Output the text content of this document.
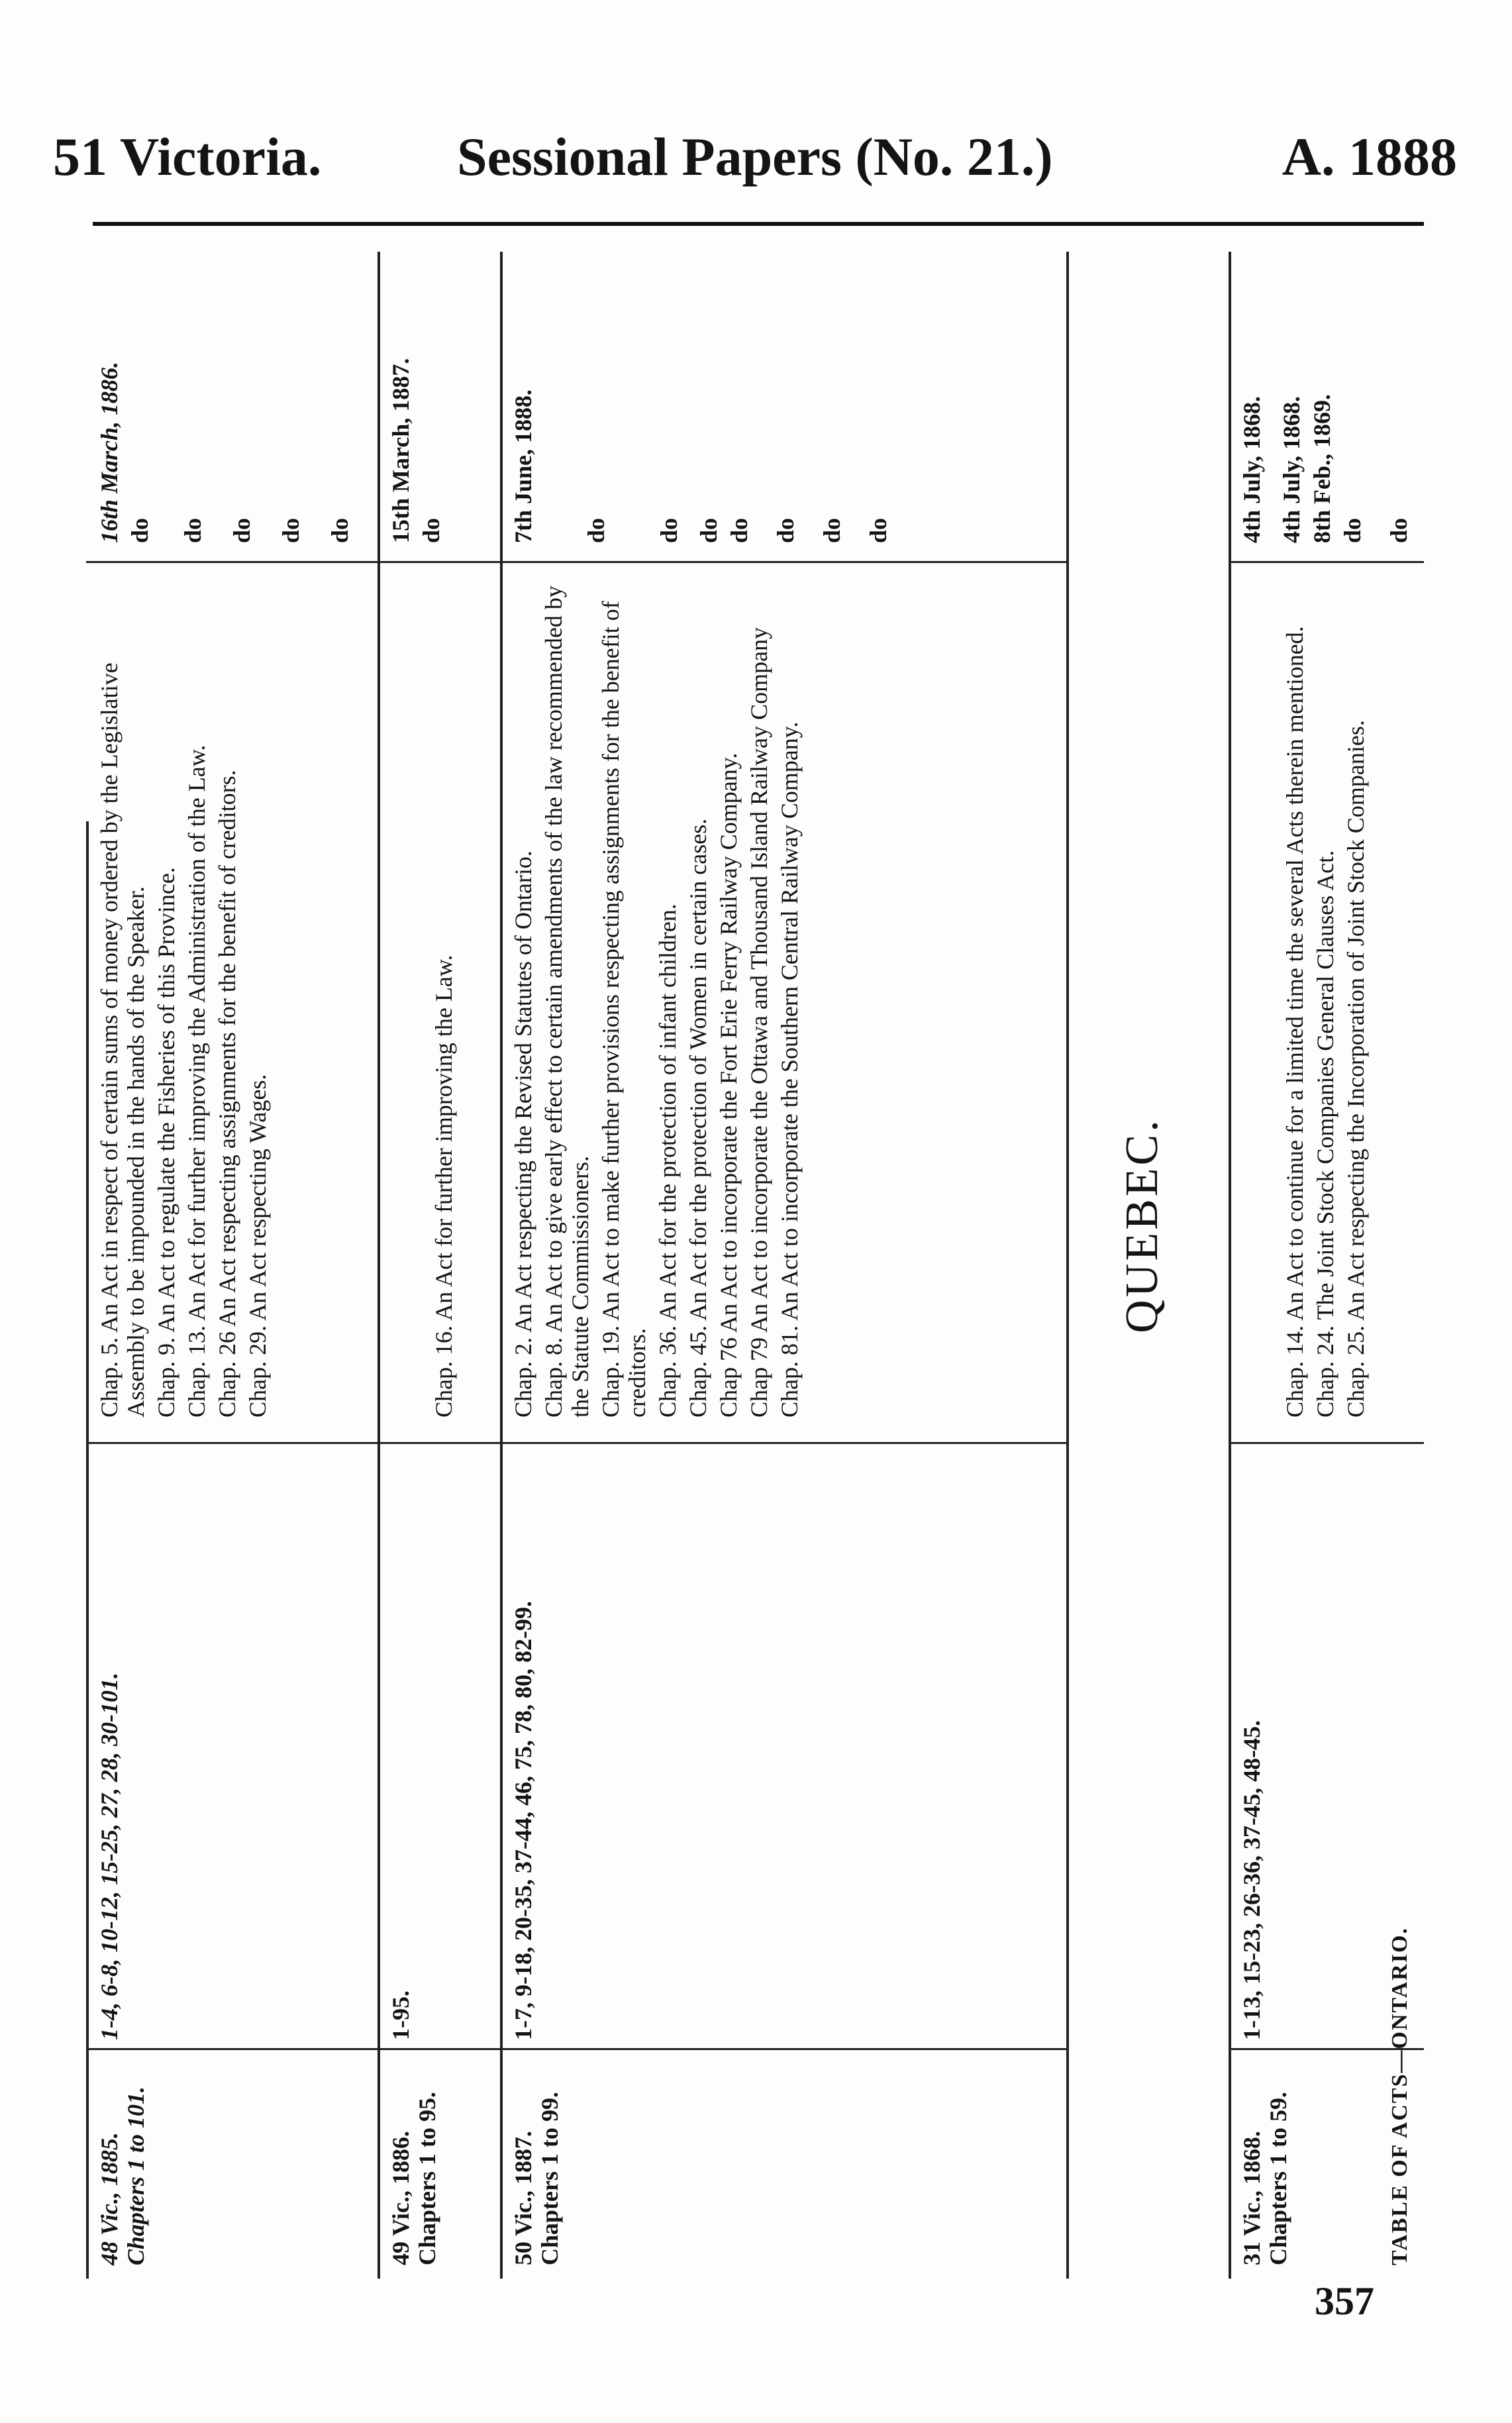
51 Victoria. Sessional Papers (No. 21.)	A. 1888
48 Vic., 1885. Chapters 1 to 101.
1-4, 6-8, 10-12, 15-25, 27, 28, 30-101.
Chap. 5. An Act in respect of certain sums of money ordered by the Legislative Assembly to be impounded in the hands of the Speaker. Chap. 9. An Act to regulate the Fisheries of this Province. Chap. 13. An Act for further improving the Administration of the Law. Chap. 26 An Act respecting assignments for the benefit of creditors. Chap. 29. An Act respecting Wages.
16th March, 1886. do do do do do
49 Vic., 1886. Chapters 1 to 95.
1-95.
Chap. 16. An Act for further improving the Law.
15th March, 1887. do
50 Vic., 1887. Chapters 1 to 99.
1-7, 9-18, 20-35, 37-44, 46, 75, 78, 80, 82-99.
Chap. 2. An Act respecting the Revised Statutes of Ontario. Chap. 8. An Act to give early effect to certain amendments of the law recommended by the Statute Commissioners. Chap. 19. An Act to make further provisions respecting assignments for the benefit of creditors. Chap. 36. An Act for the protection of infant children. Chap. 45. An Act for the protection of Women in certain cases. Chap 76 An Act to incorporate the Fort Erie Ferry Railway Company. Chap 79 An Act to incorporate the Ottawa and Thousand Island Railway Company Chap. 81. An Act to incorporate the Southern Central Railway Company.
7th June, 1888. do do do do do do do
QUEBEC.
31 Vic., 1868. Chapters 1 to 59.
1-13, 15-23, 26-36, 37-45, 48-45.
Chap. 14. An Act to continue for a limited time the several Acts therein mentioned. Chap. 24. The Joint Stock Companies General Clauses Act. Chap. 25. An Act respecting the Incorporation of Joint Stock Companies.
4th July, 1868. 4th July, 1868. 8th Feb., 1869. do do
TABLE OF ACTS—ONTARIO.
357
